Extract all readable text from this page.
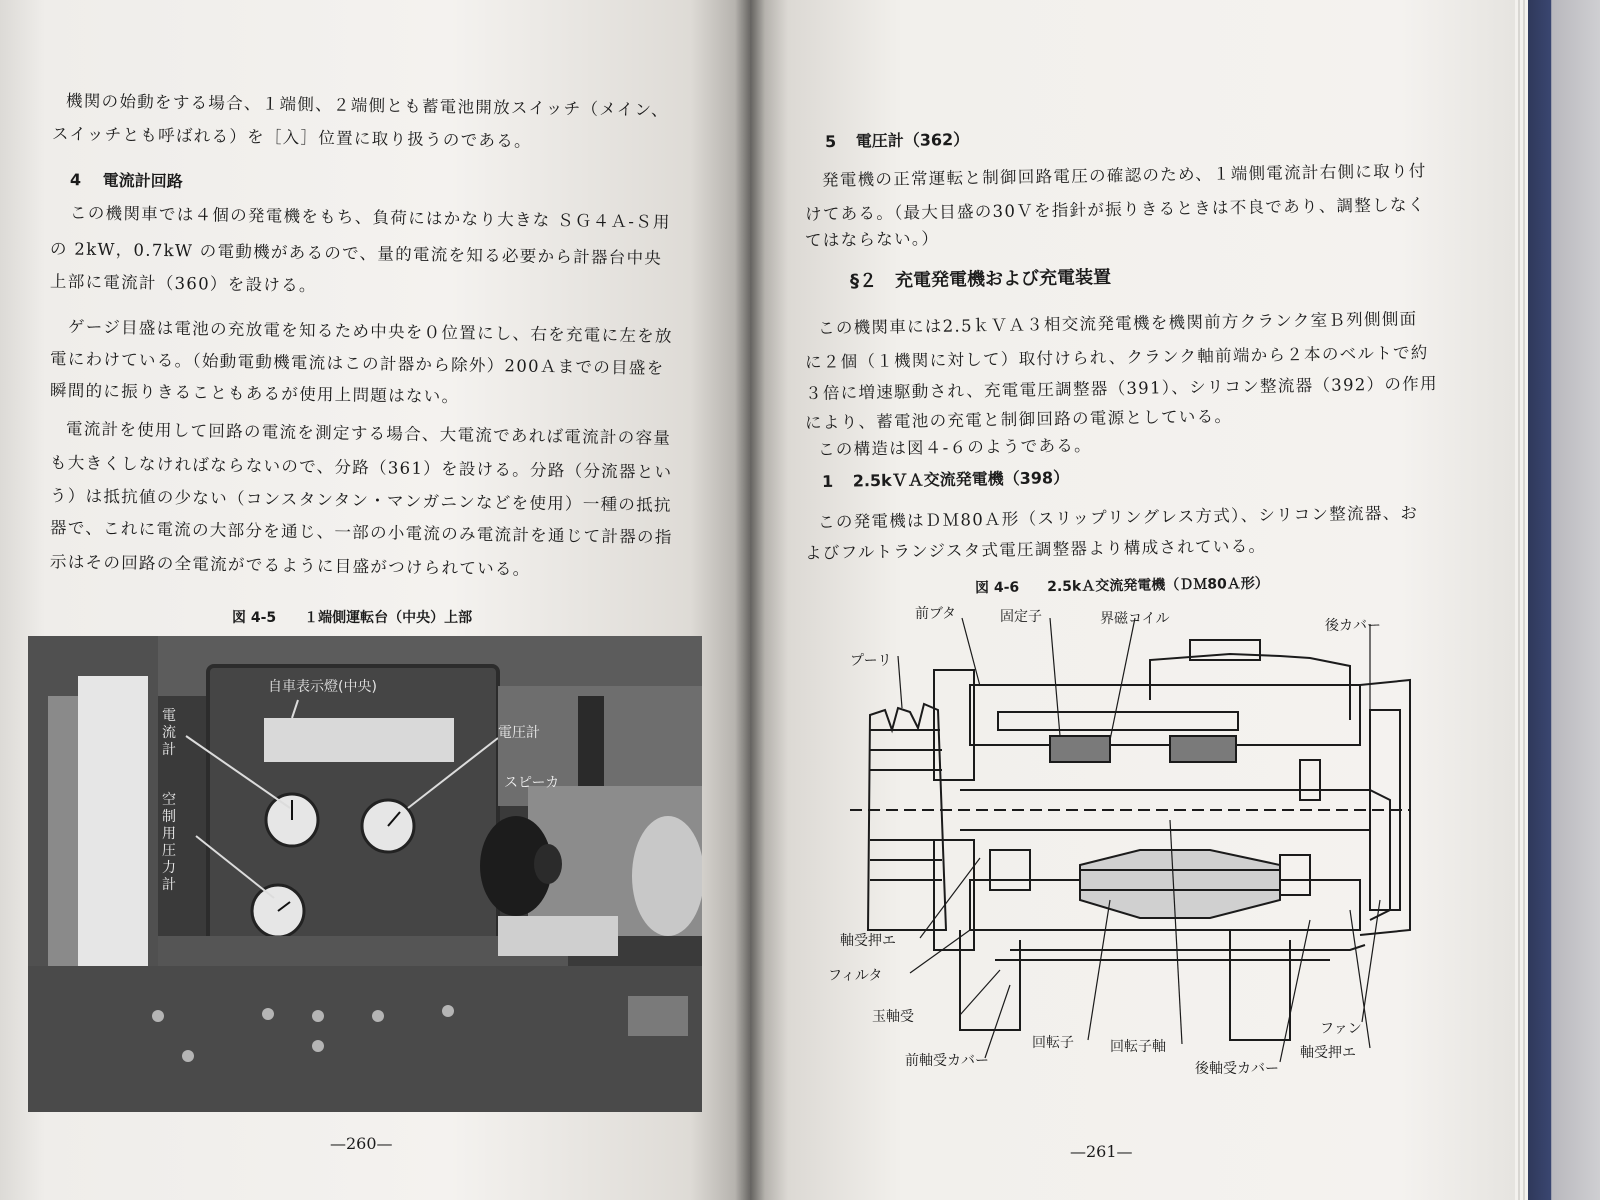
機関の始動をする場合、１端側、２端側とも蓄電池開放スイッチ（メイン、
スイッチとも呼ばれる）を［入］位置に取り扱うのである。
4 電流計回路
この機関車では４個の発電機をもち、負荷にはかなり大きな ＳＧ４Ａ-Ｓ用
の 2kW，0.7kW の電動機があるので、量的電流を知る必要から計器台中央
上部に電流計（360）を設ける。
ゲージ目盛は電池の充放電を知るため中央を０位置にし、右を充電に左を放
電にわけている。（始動電動機電流はこの計器から除外）200Ａまでの目盛を
瞬間的に振りきることもあるが使用上問題はない。
電流計を使用して回路の電流を測定する場合、大電流であれば電流計の容量
も大きくしなければならないので、分路（361）を設ける。分路（分流器とい
う）は抵抗値の少ない（コンスタンタン・マンガニンなどを使用）一種の抵抗
器で、これに電流の大部分を通じ、一部の小電流のみ電流計を通じて計器の指
示はその回路の全電流がでるように目盛がつけられている。
図 4-5　　１端側運転台（中央）上部
自車表示燈(中央)
電流計
空制用圧力計
電圧計
スピーカ
—260—
5 電圧計（362）
発電機の正常運転と制御回路電圧の確認のため、１端側電流計右側に取り付
けてある。（最大目盛の30Ｖを指針が振りきるときは不良であり、調整しなく
てはならない。）
§２　充電発電機および充電装置
この機関車には2.5ｋＶＡ３相交流発電機を機関前方クランク室Ｂ列側側面
に２個（１機関に対して）取付けられ、クランク軸前端から２本のベルトで約
３倍に増速駆動され、充電電圧調整器（391）、シリコン整流器（392）の作用
により、蓄電池の充電と制御回路の電源としている。
この構造は図４-６のようである。
1 2.5kＶＡ交流発電機（398）
この発電機はＤＭ80Ａ形（スリップリングレス方式）、シリコン整流器、お
よびフルトランジスタ式電圧調整器より構成されている。
図 4-6　　2.5kＡ交流発電機（ＤＭ80Ａ形）
前ブタ	固定子	界磁コイル	後カバー
プーリ
軸受押エ
フィルタ
玉軸受
前軸受カバー
回転子	回転子軸
後軸受カバー
ファン
軸受押エ
—261—
